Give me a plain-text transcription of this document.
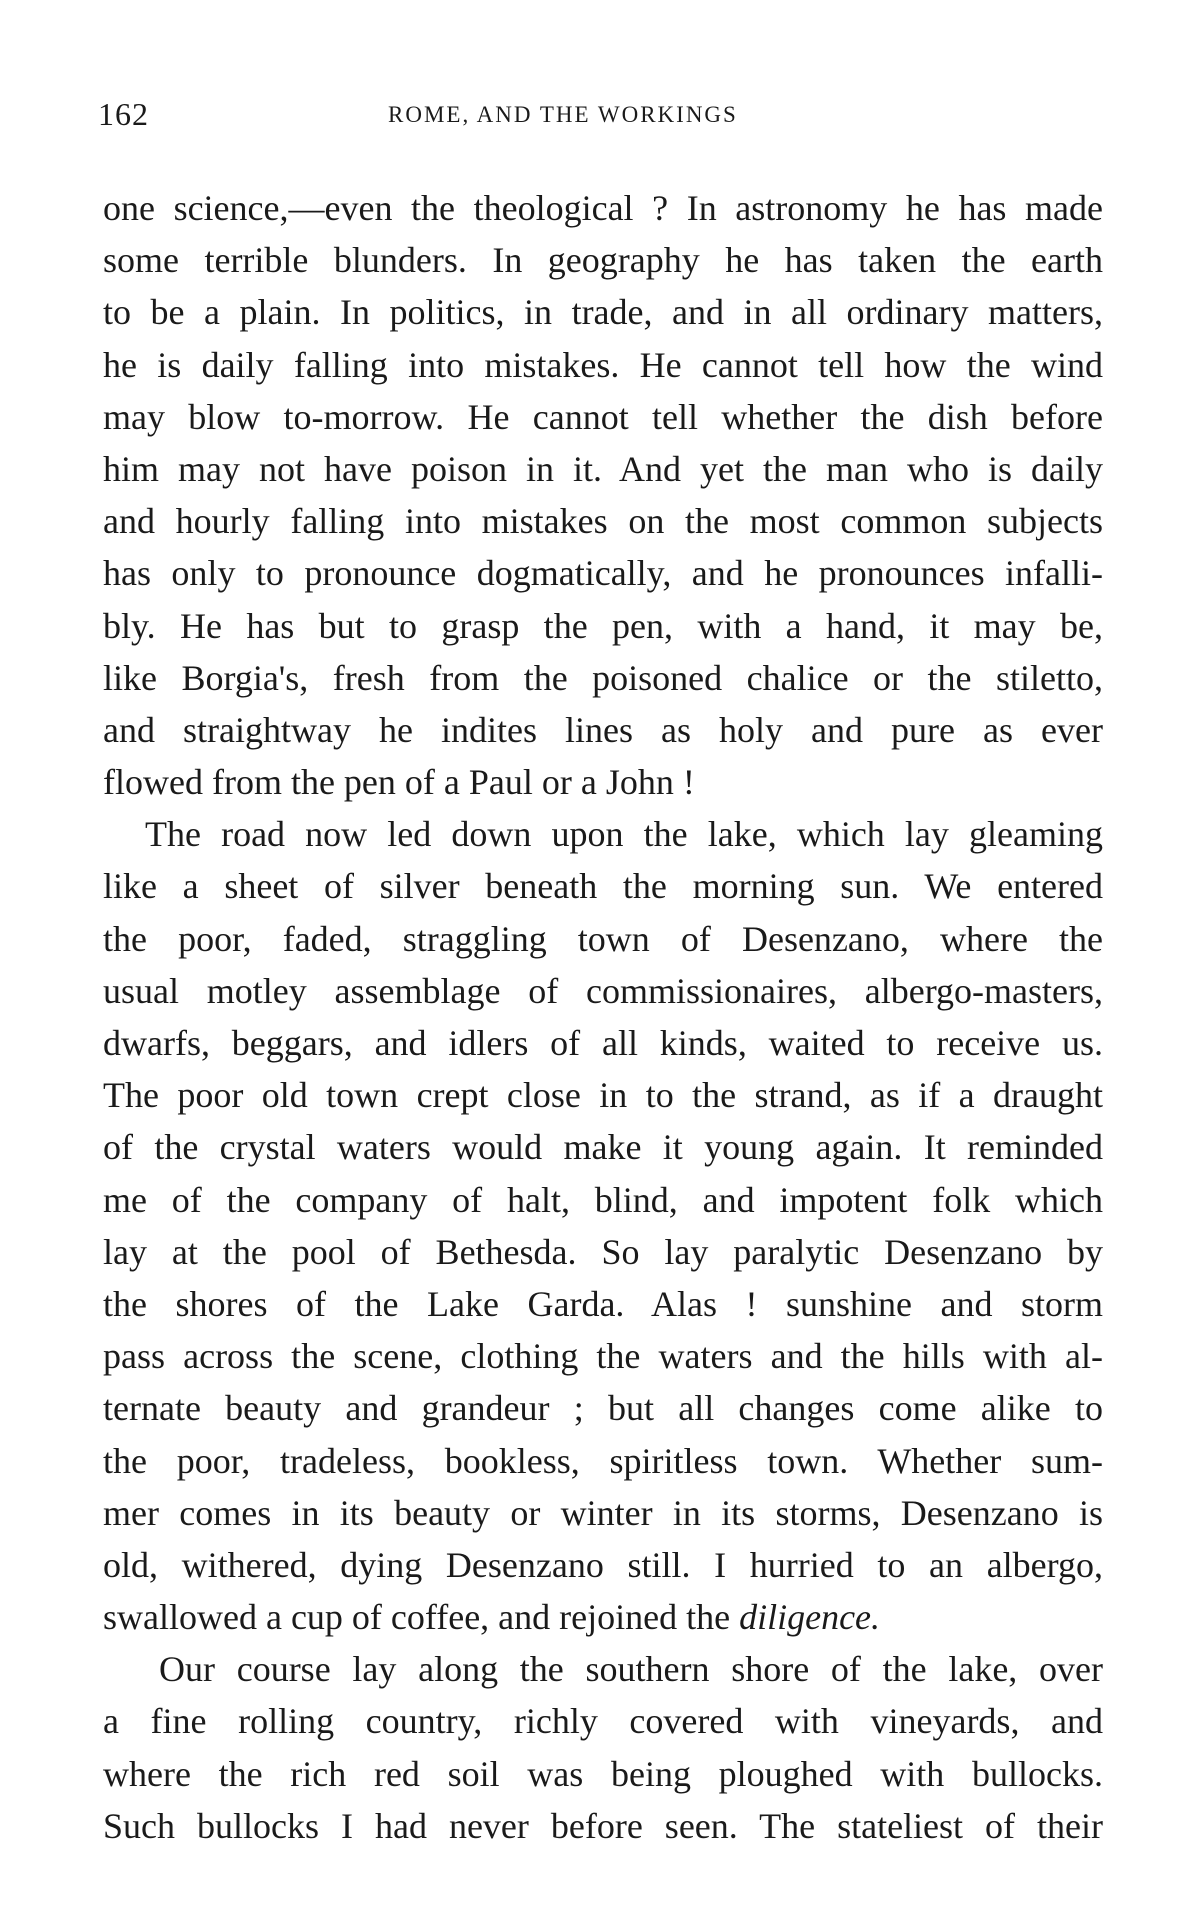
162	ROME, AND THE WORKINGS
one science,—even the theological ? In astronomy he has made
some terrible blunders. In geography he has taken the earth
to be a plain. In politics, in trade, and in all ordinary matters,
he is daily falling into mistakes. He cannot tell how the wind
may blow to-morrow. He cannot tell whether the dish before
him may not have poison in it. And yet the man who is daily
and hourly falling into mistakes on the most common subjects
has only to pronounce dogmatically, and he pronounces infalli-
bly. He has but to grasp the pen, with a hand, it may be,
like Borgia's, fresh from the poisoned chalice or the stiletto,
and straightway he indites lines as holy and pure as ever
flowed from the pen of a Paul or a John !
The road now led down upon the lake, which lay gleaming
like a sheet of silver beneath the morning sun. We entered
the poor, faded, straggling town of Desenzano, where the
usual motley assemblage of commissionaires, albergo-masters,
dwarfs, beggars, and idlers of all kinds, waited to receive us.
The poor old town crept close in to the strand, as if a draught
of the crystal waters would make it young again. It reminded
me of the company of halt, blind, and impotent folk which
lay at the pool of Bethesda. So lay paralytic Desenzano by
the shores of the Lake Garda. Alas ! sunshine and storm
pass across the scene, clothing the waters and the hills with al-
ternate beauty and grandeur ; but all changes come alike to
the poor, tradeless, bookless, spiritless town. Whether sum-
mer comes in its beauty or winter in its storms, Desenzano is
old, withered, dying Desenzano still. I hurried to an albergo,
swallowed a cup of coffee, and rejoined the diligence.
Our course lay along the southern shore of the lake, over
a fine rolling country, richly covered with vineyards, and
where the rich red soil was being ploughed with bullocks.
Such bullocks I had never before seen. The stateliest of their
